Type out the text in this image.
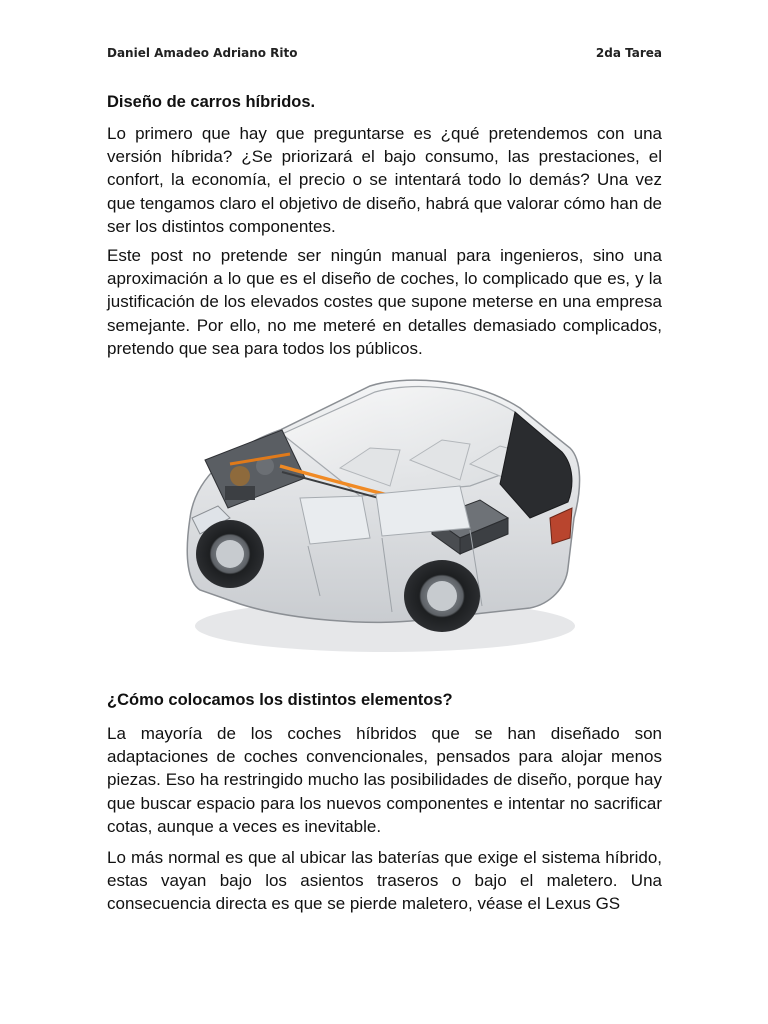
Daniel Amadeo Adriano Rito	2da Tarea
Diseño de carros híbridos.

Lo primero que hay que preguntarse es ¿qué pretendemos con una versión híbrida? ¿Se priorizará el bajo consumo, las prestaciones, el confort, la economía, el precio o se intentará todo lo demás? Una vez que tengamos claro el objetivo de diseño, habrá que valorar cómo han de ser los distintos componentes.

Este post no pretende ser ningún manual para ingenieros, sino una aproximación a lo que es el diseño de coches, lo complicado que es, y la justificación de los elevados costes que supone meterse en una empresa semejante. Por ello, no me meteré en detalles demasiado complicados, pretendo que sea para todos los públicos.

¿Cómo colocamos los distintos elementos?

La mayoría de los coches híbridos que se han diseñado son adaptaciones de coches convencionales, pensados para alojar menos piezas. Eso ha restringido mucho las posibilidades de diseño, porque hay que buscar espacio para los nuevos componentes e intentar no sacrificar cotas, aunque a veces es inevitable.

Lo más normal es que al ubicar las baterías que exige el sistema híbrido, estas vayan bajo los asientos traseros o bajo el maletero. Una consecuencia directa es que se pierde maletero, véase el Lexus GS
